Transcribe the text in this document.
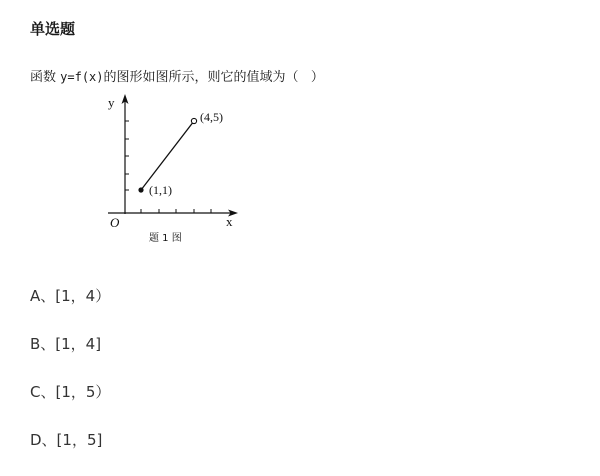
单选题
函数 y=f(x)的图形如图所示，则它的值域为（   ）
y
x
O
(1,1)
(4,5)
题 1 图
A、[1，4）
B、[1，4]
C、[1，5）
D、[1，5]
